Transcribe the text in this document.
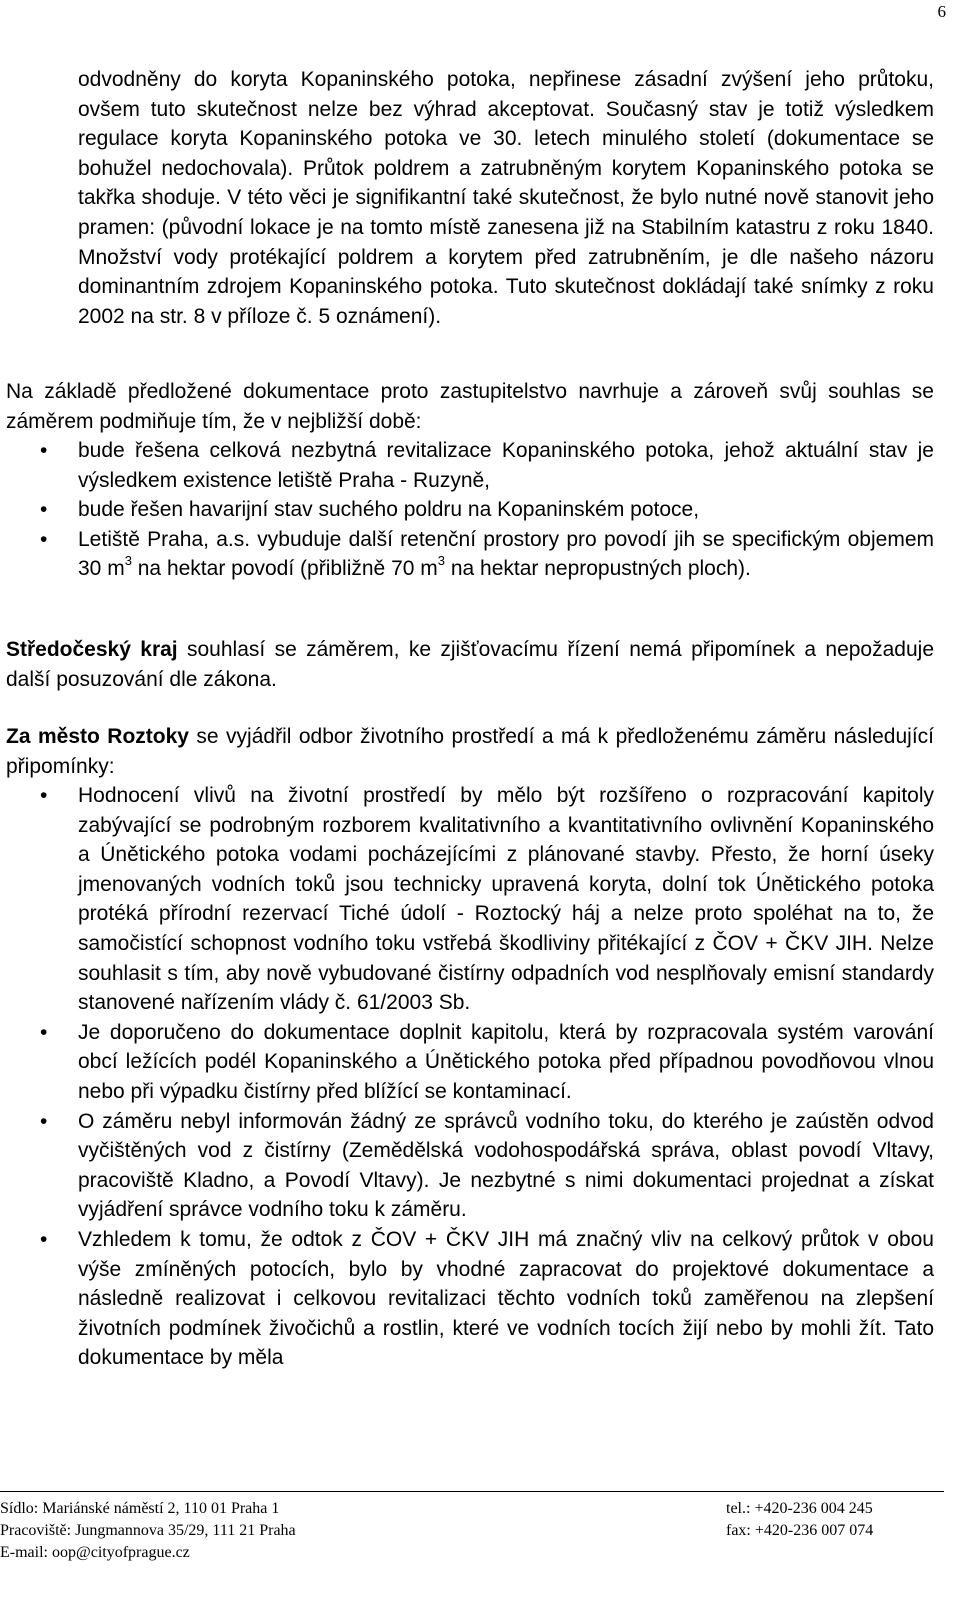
6

odvodněny do koryta Kopaninského potoka, nepřinese zásadní zvýšení jeho průtoku, ovšem tuto skutečnost nelze bez výhrad akceptovat. Současný stav je totiž výsledkem regulace koryta Kopaninského potoka ve 30. letech minulého století (dokumentace se bohužel nedochovala). Průtok poldrem a zatrubněným korytem Kopaninského potoka se takřka shoduje. V této věci je signifikantní také skutečnost, že bylo nutné nově stanovit jeho pramen: (původní lokace je na tomto místě zanesena již na Stabilním katastru z roku 1840. Množství vody protékající poldrem a korytem před zatrubněním, je dle našeho názoru dominantním zdrojem Kopaninského potoka. Tuto skutečnost dokládají také snímky z roku 2002 na str. 8 v příloze č. 5 oznámení).

Na základě předložené dokumentace proto zastupitelstvo navrhuje a zároveň svůj souhlas se záměrem podmiňuje tím, že v nejbližší době:

• bude řešena celková nezbytná revitalizace Kopaninského potoka, jehož aktuální stav je výsledkem existence letiště Praha - Ruzyně,
• bude řešen havarijní stav suchého poldru na Kopaninském potoce,
• Letiště Praha, a.s. vybuduje další retenční prostory pro povodí jih se specifickým objemem 30 $m^3$ na hektar povodí (přibližně 70 $m^3$ na hektar nepropustných ploch).

Středočeský kraj souhlasí se záměrem, ke zjišťovacímu řízení nemá připomínek a nepožaduje další posuzování dle zákona.

Za město Roztoky se vyjádřil odbor životního prostředí a má k předloženému záměru následující připomínky:

• Hodnocení vlivů na životní prostředí by mělo být rozšířeno o rozpracování kapitoly zabývající se podrobným rozborem kvalitativního a kvantitativního ovlivnění Kopaninského a Únětického potoka vodami pocházejícími z plánované stavby. Přesto, že horní úseky jmenovaných vodních toků jsou technicky upravená koryta, dolní tok Únětického potoka protéká přírodní rezervací Tiché údolí - Roztocký háj a nelze proto spoléhat na to, že samočistící schopnost vodního toku vstřebá škodliviny přitékající z ČOV + ČKV JIH. Nelze souhlasit s tím, aby nově vybudované čistírny odpadních vod nesplňovaly emisní standardy stanovené nařízením vlády č. 61/2003 Sb.
• Je doporučeno do dokumentace doplnit kapitolu, která by rozpracovala systém varování obcí ležících podél Kopaninského a Únětického potoka před případnou povodňovou vlnou nebo při výpadku čistírny před blížící se kontaminací.
• O záměru nebyl informován žádný ze správců vodního toku, do kterého je zaústěn odvod vyčištěných vod z čistírny (Zemědělská vodohospodářská správa, oblast povodí Vltavy, pracoviště Kladno, a Povodí Vltavy). Je nezbytné s nimi dokumentaci projednat a získat vyjádření správce vodního toku k záměru.
• Vzhledem k tomu, že odtok z ČOV + ČKV JIH má značný vliv na celkový průtok v obou výše zmíněných potocích, bylo by vhodné zapracovat do projektové dokumentace a následně realizovat i celkovou revitalizaci těchto vodních toků zaměřenou na zlepšení životních podmínek živočichů a rostlin, které ve vodních tocích žijí nebo by mohli žít. Tato dokumentace by měla
Sídlo: Mariánské náměstí 2, 110 01 Praha 1
Pracoviště: Jungmannova 35/29, 111 21 Praha
E-mail: oop@cityofprague.cz
tel.: +420-236 004 245
fax: +420-236 007 074
